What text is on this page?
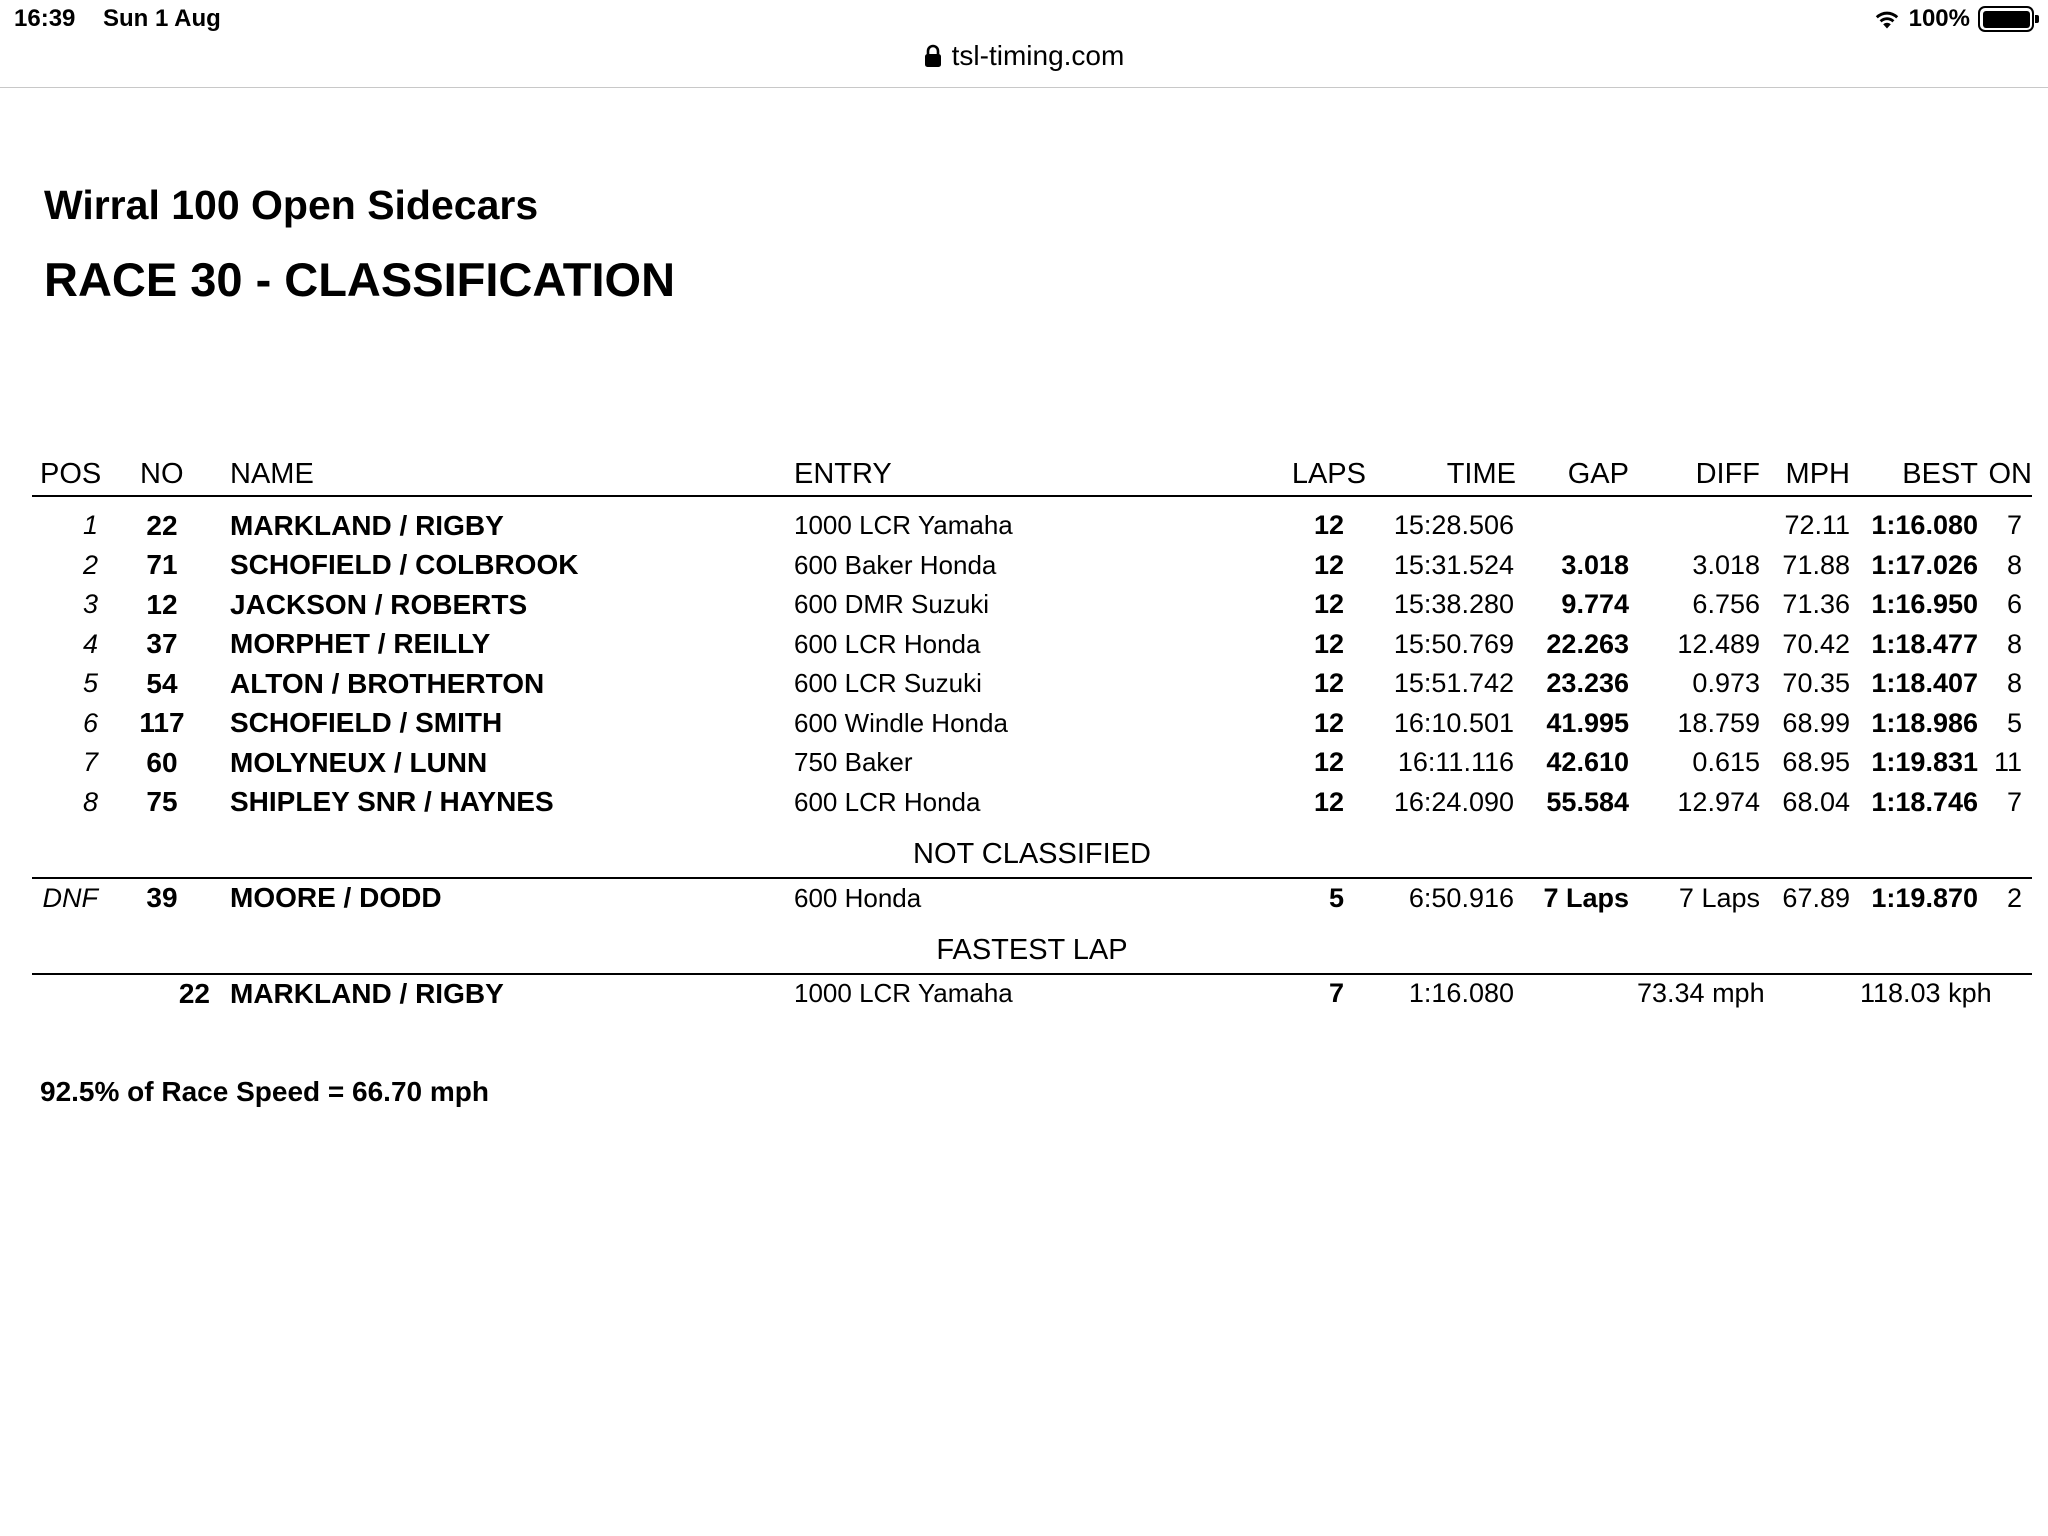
16:39 Sun 1 Aug	100%
tsl-timing.com
Wirral 100 Open Sidecars
RACE 30 - CLASSIFICATION
POS	NO	NAME	ENTRY	LAPS	TIME	GAP	DIFF	MPH	BEST	ON

1	22	MARKLAND / RIGBY	1000 LCR Yamaha	12	15:28.506			72.11	1:16.080	7
2	71	SCHOFIELD / COLBROOK	600 Baker Honda	12	15:31.524	3.018	3.018	71.88	1:17.026	8
3	12	JACKSON / ROBERTS	600 DMR Suzuki	12	15:38.280	9.774	6.756	71.36	1:16.950	6
4	37	MORPHET / REILLY	600 LCR Honda	12	15:50.769	22.263	12.489	70.42	1:18.477	8
5	54	ALTON / BROTHERTON	600 LCR Suzuki	12	15:51.742	23.236	0.973	70.35	1:18.407	8
6	117	SCHOFIELD / SMITH	600 Windle Honda	12	16:10.501	41.995	18.759	68.99	1:18.986	5
7	60	MOLYNEUX / LUNN	750 Baker	12	16:11.116	42.610	0.615	68.95	1:19.831	11
8	75	SHIPLEY SNR / HAYNES	600 LCR Honda	12	16:24.090	55.584	12.974	68.04	1:18.746	7
NOT CLASSIFIED										
DNF	39	MOORE / DODD	600 Honda	5	6:50.916	7 Laps	7 Laps	67.89	1:19.870	2
FASTEST LAP										
	22	MARKLAND / RIGBY	1000 LCR Yamaha	7	1:16.080	73.34 mph			118.03 kph	
92.5% of Race Speed = 66.70 mph
